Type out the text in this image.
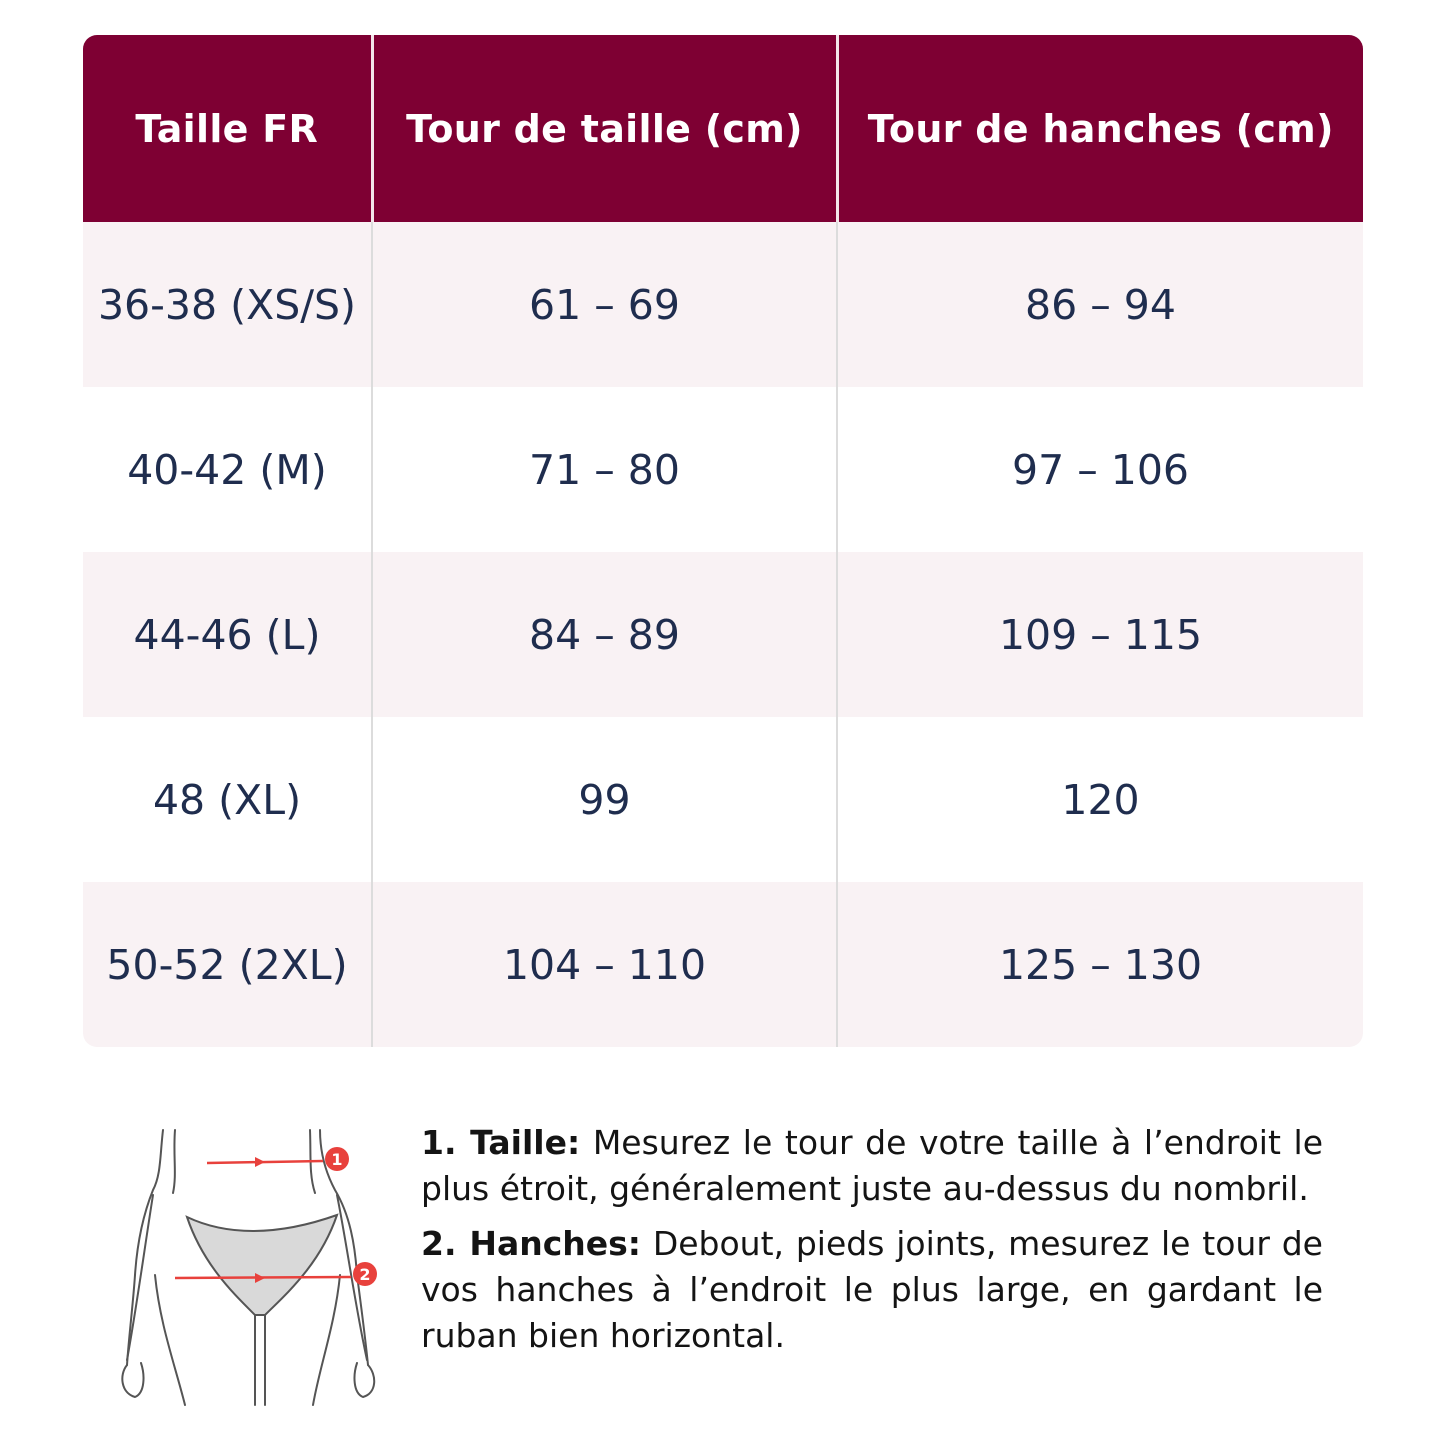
Taille FR	Tour de taille (cm)	Tour de hanches (cm)
36-38 (XS/S)	61 – 69	86 – 94
40-42 (M)	71 – 80	97 – 106
44-46 (L)	84 – 89	109 – 115
48 (XL)	99	120
50-52 (2XL)	104 – 110	125 – 130
1
2

1. Taille: Mesurez le tour de votre taille à l’endroit le plus étroit, généralement juste au-dessus du nombril.

2. Hanches: Debout, pieds joints, mesurez le tour de vos hanches à l’endroit le plus large, en gardant le ruban bien horizontal.
